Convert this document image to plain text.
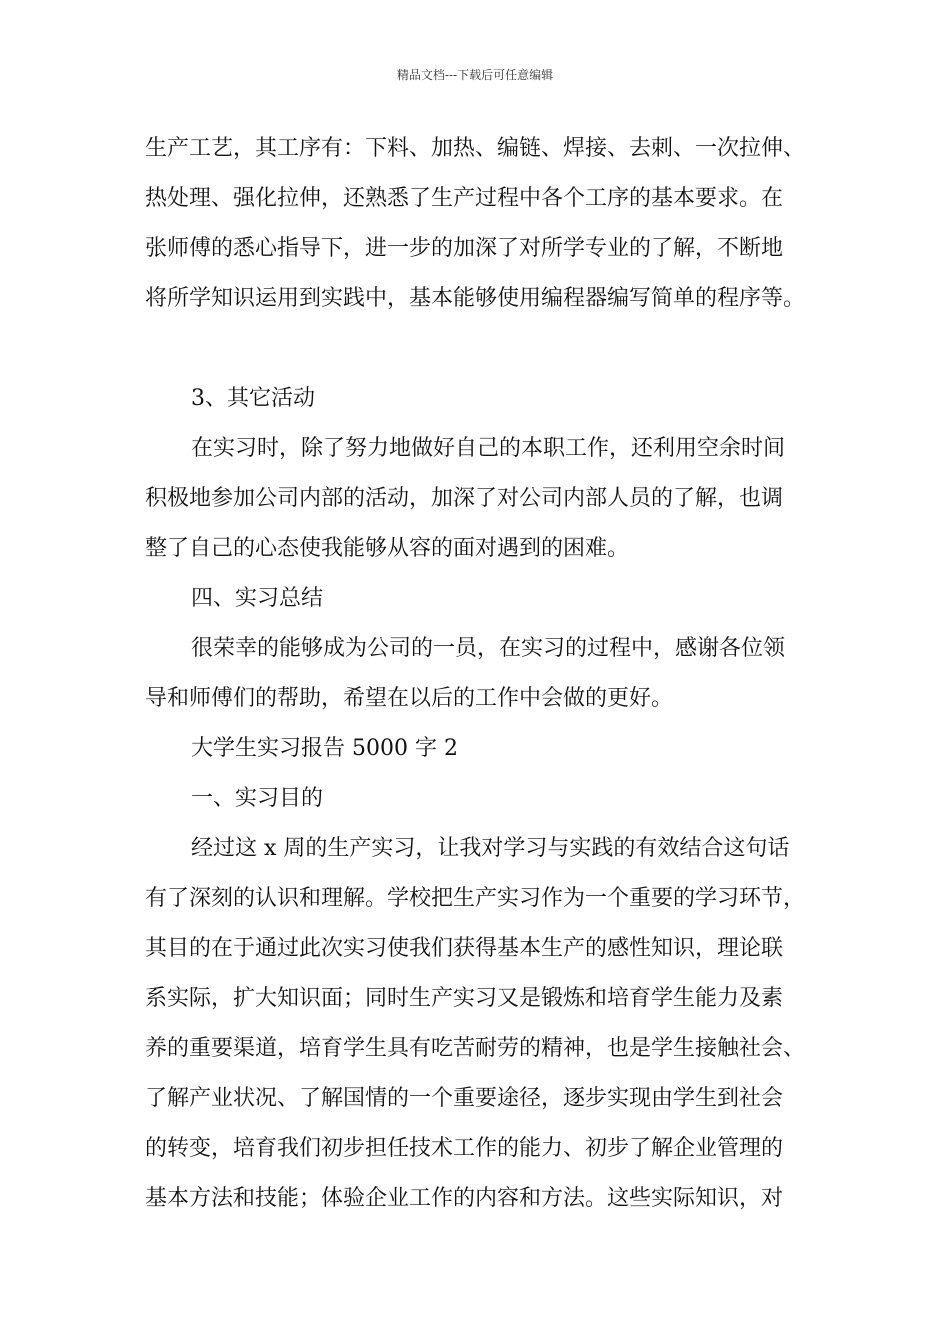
精品文档---下载后可任意编辑
生产工艺，其工序有：下料、加热、编链、焊接、去刺、一次拉伸、
热处理、强化拉伸，还熟悉了生产过程中各个工序的基本要求。在
张师傅的悉心指导下，进一步的加深了对所学专业的了解，不断地
将所学知识运用到实践中，基本能够使用编程器编写简单的程序等。
3、其它活动
在实习时，除了努力地做好自己的本职工作，还利用空余时间
积极地参加公司内部的活动，加深了对公司内部人员的了解，也调
整了自己的心态使我能够从容的面对遇到的困难。
四、实习总结
很荣幸的能够成为公司的一员，在实习的过程中，感谢各位领
导和师傅们的帮助，希望在以后的工作中会做的更好。
大学生实习报告 5000 字 2
一、实习目的
经过这 x 周的生产实习，让我对学习与实践的有效结合这句话
有了深刻的认识和理解。学校把生产实习作为一个重要的学习环节，
其目的在于通过此次实习使我们获得基本生产的感性知识，理论联
系实际，扩大知识面；同时生产实习又是锻炼和培育学生能力及素
养的重要渠道，培育学生具有吃苦耐劳的精神，也是学生接触社会、
了解产业状况、了解国情的一个重要途径，逐步实现由学生到社会
的转变，培育我们初步担任技术工作的能力、初步了解企业管理的
基本方法和技能；体验企业工作的内容和方法。这些实际知识，对
